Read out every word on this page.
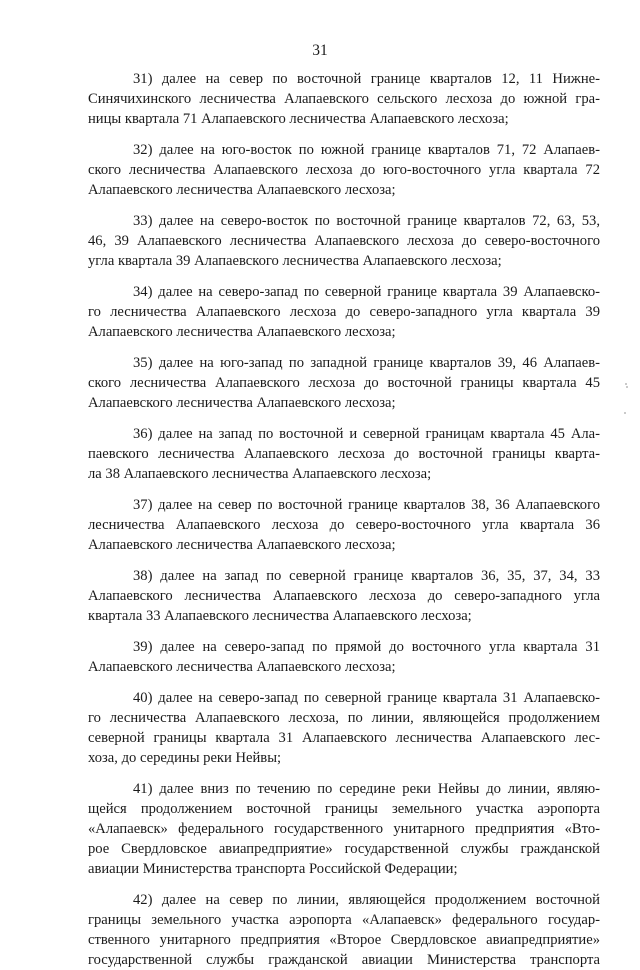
31

31) далее на север по восточной границе кварталов 12, 11 Нижне-
Синячихинского лесничества Алапаевского сельского лесхоза до южной гра-
ницы квартала 71 Алапаевского лесничества Алапаевского лесхоза;

32) далее на юго-восток по южной границе кварталов 71, 72 Алапаев-
ского лесничества Алапаевского лесхоза до юго-восточного угла квартала 72
Алапаевского лесничества Алапаевского лесхоза;

33) далее на северо-восток по восточной границе кварталов 72, 63, 53,
46, 39 Алапаевского лесничества Алапаевского лесхоза до северо-восточного
угла квартала 39 Алапаевского лесничества Алапаевского лесхоза;

34) далее на северо-запад по северной границе квартала 39 Алапаевско-
го лесничества Алапаевского лесхоза до северо-западного угла квартала 39
Алапаевского лесничества Алапаевского лесхоза;

35) далее на юго-запад по западной границе кварталов 39, 46 Алапаев-
ского лесничества Алапаевского лесхоза до восточной границы квартала 45
Алапаевского лесничества Алапаевского лесхоза;

36) далее на запад по восточной и северной границам квартала 45 Ала-
паевского лесничества Алапаевского лесхоза до восточной границы кварта-
ла 38 Алапаевского лесничества Алапаевского лесхоза;

37) далее на север по восточной границе кварталов 38, 36 Алапаевского
лесничества Алапаевского лесхоза до северо-восточного угла квартала 36
Алапаевского лесничества Алапаевского лесхоза;

38) далее на запад по северной границе кварталов 36, 35, 37, 34, 33
Алапаевского лесничества Алапаевского лесхоза до северо-западного угла
квартала 33 Алапаевского лесничества Алапаевского лесхоза;

39) далее на северо-запад по прямой до восточного угла квартала 31
Алапаевского лесничества Алапаевского лесхоза;

40) далее на северо-запад по северной границе квартала 31 Алапаевско-
го лесничества Алапаевского лесхоза, по линии, являющейся продолжением
северной границы квартала 31 Алапаевского лесничества Алапаевского лес-
хоза, до середины реки Нейвы;

41) далее вниз по течению по середине реки Нейвы до линии, являю-
щейся продолжением восточной границы земельного участка аэропорта
«Алапаевск» федерального государственного унитарного предприятия «Вто-
рое Свердловское авиапредприятие» государственной службы гражданской
авиации Министерства транспорта Российской Федерации;

42) далее на север по линии, являющейся продолжением восточной
границы земельного участка аэропорта «Алапаевск» федерального государ-
ственного унитарного предприятия «Второе Свердловское авиапредприятие»
государственной службы гражданской авиации Министерства транспорта
